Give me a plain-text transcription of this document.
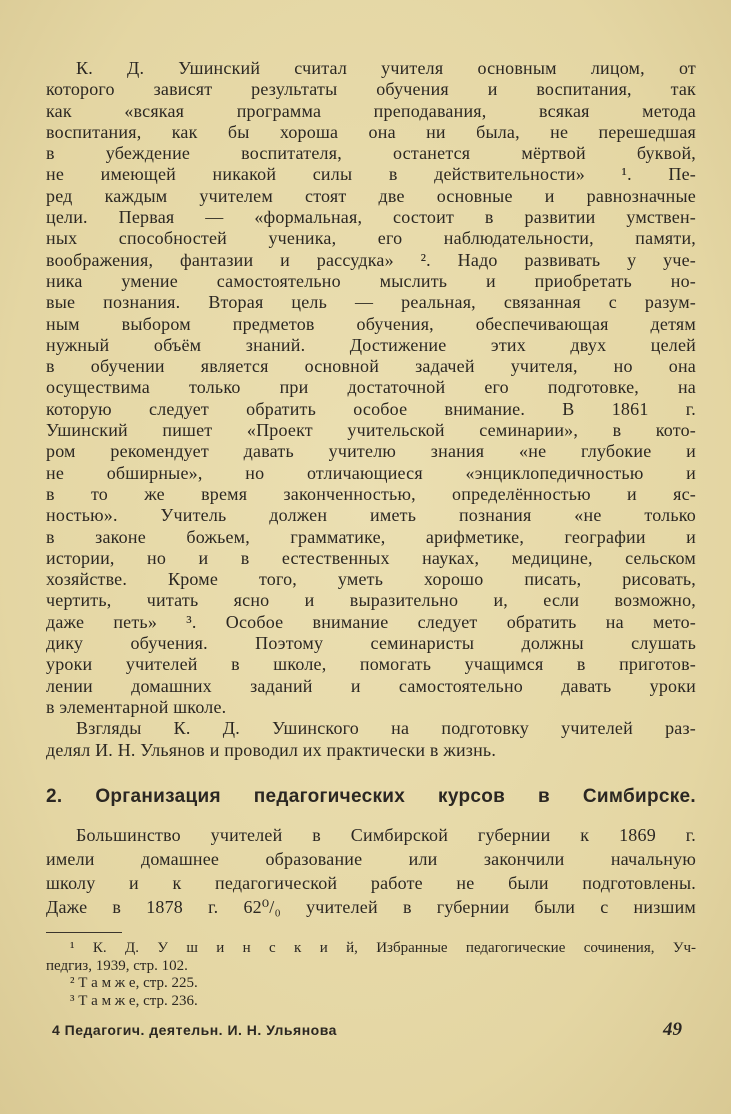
К. Д. Ушинский считал учителя основным лицом, от
которого зависят результаты обучения и воспитания, так
как «всякая программа преподавания, всякая метода
воспитания, как бы хороша она ни была, не перешедшая
в убеждение воспитателя, останется мёртвой буквой,
не имеющей никакой силы в действительности» ¹. Пе-
ред каждым учителем стоят две основные и равнозначные
цели. Первая — «формальная, состоит в развитии умствен-
ных способностей ученика, его наблюдательности, памяти,
воображения, фантазии и рассудка» ². Надо развивать у уче-
ника умение самостоятельно мыслить и приобретать но-
вые познания. Вторая цель — реальная, связанная с разум-
ным выбором предметов обучения, обеспечивающая детям
нужный объём знаний. Достижение этих двух целей
в обучении является основной задачей учителя, но она
осуществима только при достаточной его подготовке, на
которую следует обратить особое внимание. В 1861 г.
Ушинский пишет «Проект учительской семинарии», в кото-
ром рекомендует давать учителю знания «не глубокие и
не обширные», но отличающиеся «энциклопедичностью и
в то же время законченностью, определённостью и яс-
ностью». Учитель должен иметь познания «не только
в законе божьем, грамматике, арифметике, географии и
истории, но и в естественных науках, медицине, сельском
хозяйстве. Кроме того, уметь хорошо писать, рисовать,
чертить, читать ясно и выразительно и, если возможно,
даже петь» ³. Особое внимание следует обратить на мето-
дику обучения. Поэтому семинаристы должны слушать
уроки учителей в школе, помогать учащимся в приготов-
лении домашних заданий и самостоятельно давать уроки
в элементарной школе.
Взгляды К. Д. Ушинского на подготовку учителей раз-
делял И. Н. Ульянов и проводил их практически в жизнь.
2. Организация педагогических курсов в Симбирске.
Большинство учителей в Симбирской губернии к 1869 г.
имели домашнее образование или закончили начальную
школу и к педагогической работе не были подготовлены.
Даже в 1878 г. 62⁰/₀ учителей в губернии были с низшим
¹ К. Д. У ш и н с к и й, Избранные педагогические сочинения, Уч-
педгиз, 1939, стр. 102.
² Т а м ж е, стр. 225.
³ Т а м ж е, стр. 236.
4 Педагогич. деятельн. И. Н. Ульянова	49
